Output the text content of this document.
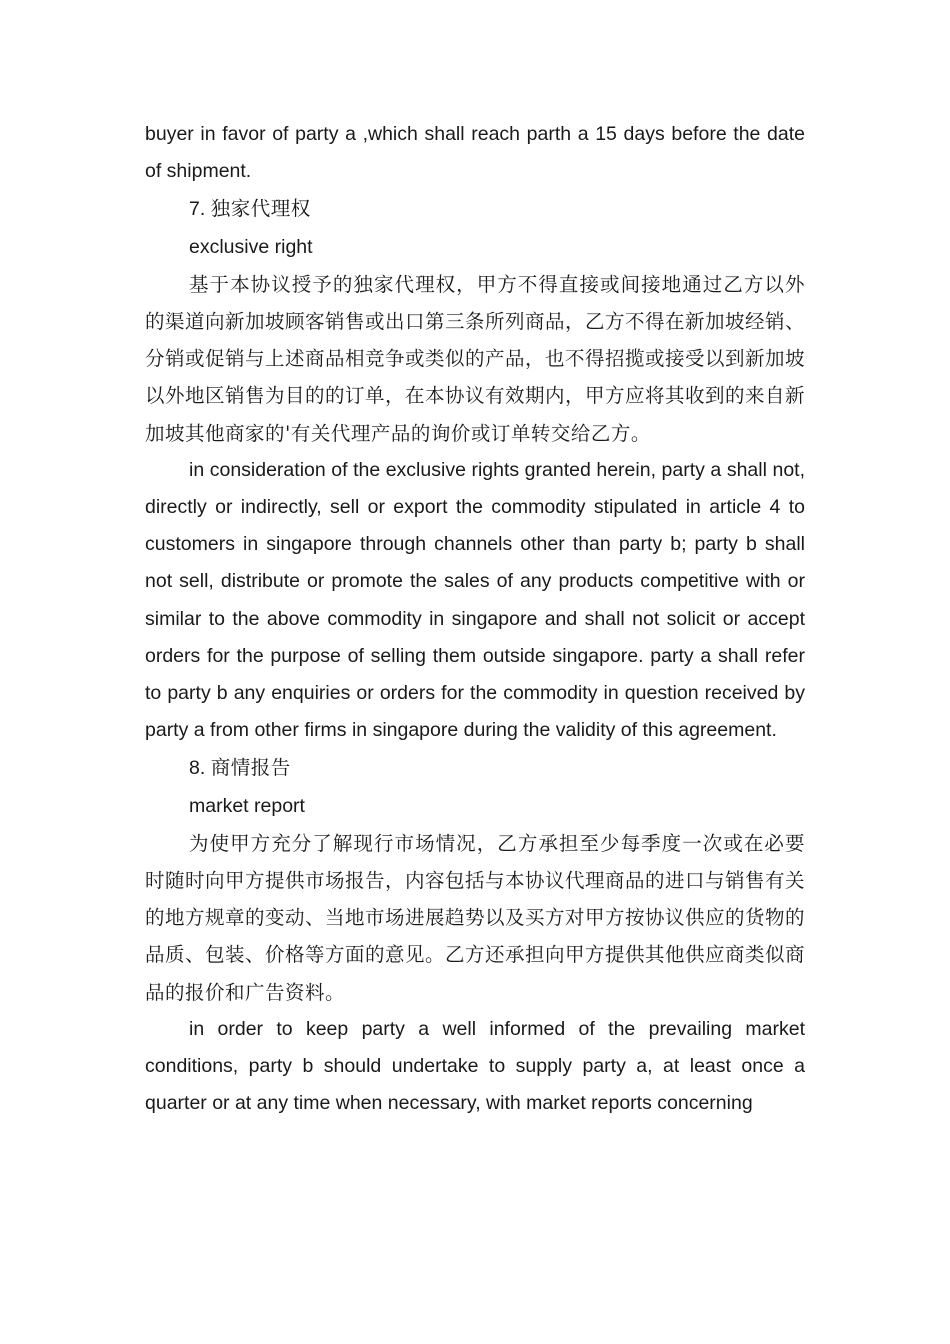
buyer in favor of party a ,which shall reach parth a 15 days before the date of shipment.

7. 独家代理权

exclusive right

基于本协议授予的独家代理权，甲方不得直接或间接地通过乙方以外的渠道向新加坡顾客销售或出口第三条所列商品，乙方不得在新加坡经销、分销或促销与上述商品相竞争或类似的产品，也不得招揽或接受以到新加坡以外地区销售为目的的订单，在本协议有效期内，甲方应将其收到的来自新加坡其他商家的'有关代理产品的询价或订单转交给乙方。

in consideration of the exclusive rights granted herein, party a shall not, directly or indirectly, sell or export the commodity stipulated in article 4 to customers in singapore through channels other than party b; party b shall not sell, distribute or promote the sales of any products competitive with or similar to the above commodity in singapore and shall not solicit or accept orders for the purpose of selling them outside singapore. party a shall refer to party b any enquiries or orders for the commodity in question received by party a from other firms in singapore during the validity of this agreement.

8. 商情报告

market report

为使甲方充分了解现行市场情况，乙方承担至少每季度一次或在必要时随时向甲方提供市场报告，内容包括与本协议代理商品的进口与销售有关的地方规章的变动、当地市场进展趋势以及买方对甲方按协议供应的货物的品质、包装、价格等方面的意见。乙方还承担向甲方提供其他供应商类似商品的报价和广告资料。

in order to keep party a well informed of the prevailing market conditions, party b should undertake to supply party a, at least once a quarter or at any time when necessary, with market reports concerning
